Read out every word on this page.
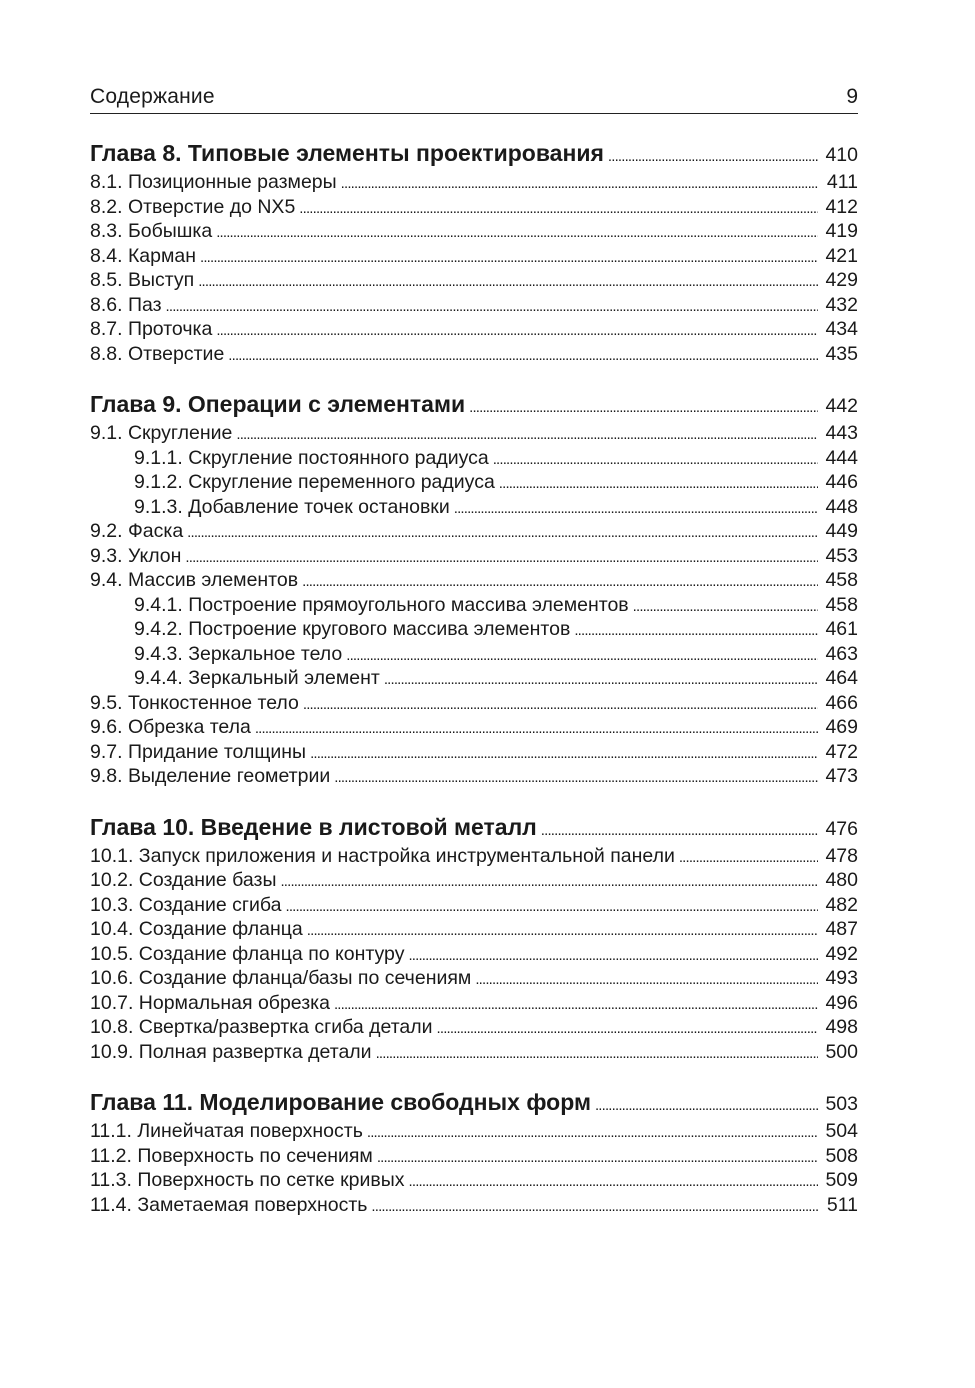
Содержание	9
Глава 8. Типовые элементы проектирования . . .	410
8.1. Позиционные размеры . . .	411
8.2. Отверстие до NX5 . . .	412
8.3. Бобышка . . .	419
8.4. Карман . . .	421
8.5. Выступ . . .	429
8.6. Паз . . .	432
8.7. Проточка . . .	434
8.8. Отверстие . . .	435
Глава 9. Операции с элементами . . .	442
9.1. Скругление . . .	443
9.1.1. Скругление постоянного радиуса . . .	444
9.1.2. Скругление переменного радиуса . . .	446
9.1.3. Добавление точек остановки . . .	448
9.2. Фаска . . .	449
9.3. Уклон . . .	453
9.4. Массив элементов . . .	458
9.4.1. Построение прямоугольного массива элементов . . .	458
9.4.2. Построение кругового массива элементов . . .	461
9.4.3. Зеркальное тело . . .	463
9.4.4. Зеркальный элемент . . .	464
9.5. Тонкостенное тело . . .	466
9.6. Обрезка тела . . .	469
9.7. Придание толщины . . .	472
9.8. Выделение геометрии . . .	473
Глава 10. Введение в листовой металл . . .	476
10.1. Запуск приложения и настройка инструментальной панели . . .	478
10.2. Создание базы . . .	480
10.3. Создание сгиба . . .	482
10.4. Создание фланца . . .	487
10.5. Создание фланца по контуру . . .	492
10.6. Создание фланца/базы по сечениям . . .	493
10.7. Нормальная обрезка . . .	496
10.8. Свертка/развертка сгиба детали . . .	498
10.9. Полная развертка детали . . .	500
Глава 11. Моделирование свободных форм . . .	503
11.1. Линейчатая поверхность . . .	504
11.2. Поверхность по сечениям . . .	508
11.3. Поверхность по сетке кривых . . .	509
11.4. Заметаемая поверхность . . .	511
